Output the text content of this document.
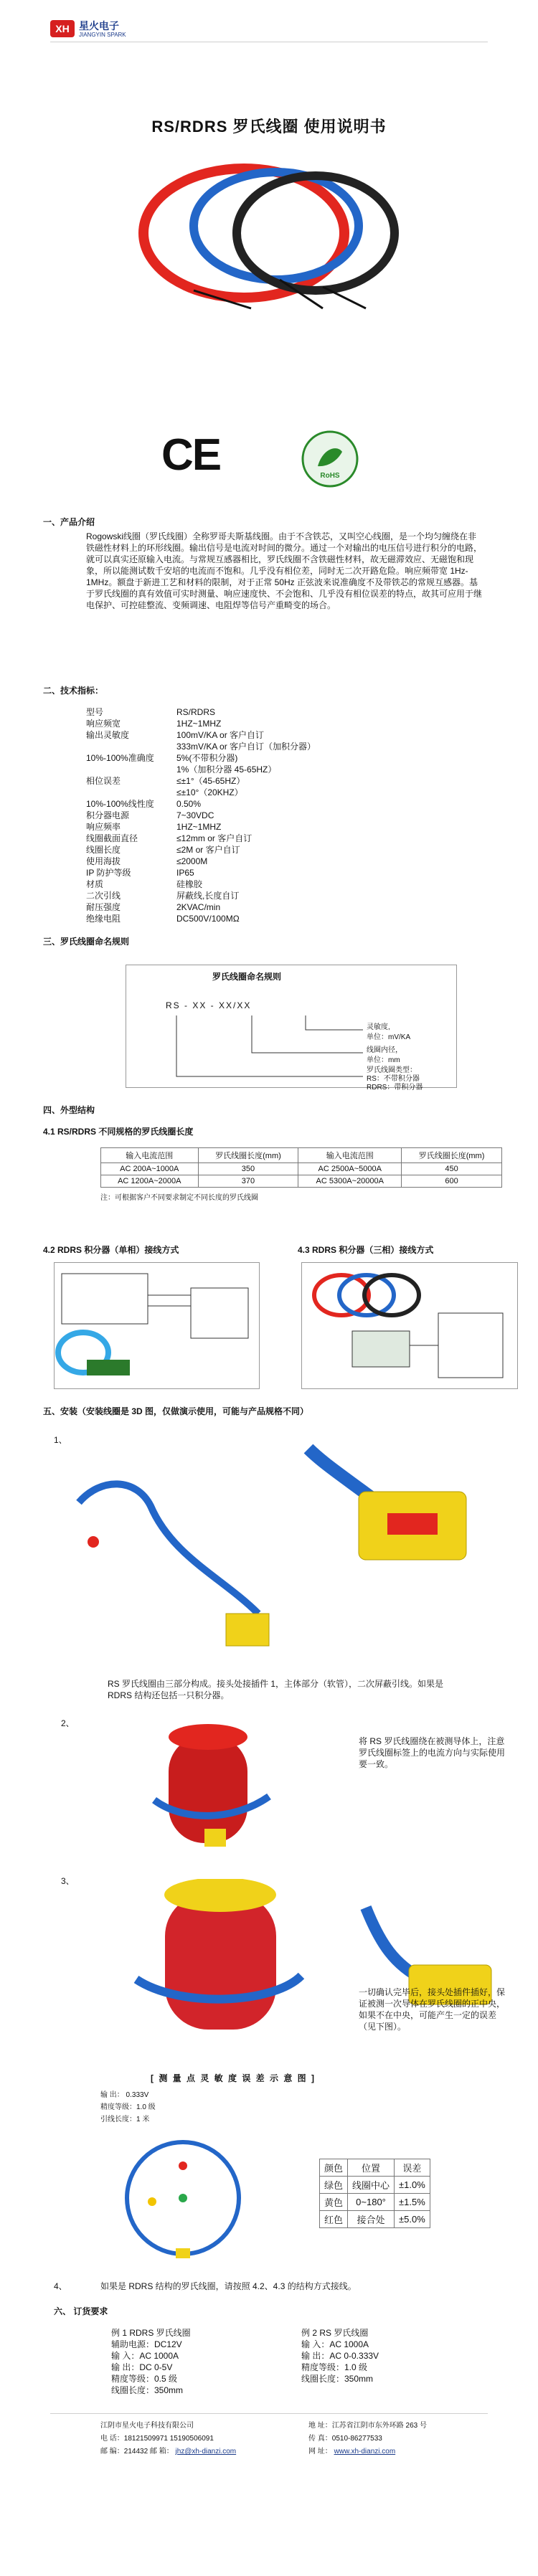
XH 星火电子
JIANGYIN SPARK
RS/RDRS 罗氏线圈 使用说明书
CE	RoHS
一、产品介绍
Rogowski线圈（罗氏线圈）全称罗哥夫斯基线圈。由于不含铁芯，又叫空心线圈，是一个均匀缠绕在非铁磁性材料上的环形线圈。输出信号是电流对时间的微分。通过一个对输出的电压信号进行积分的电路，就可以真实还原输入电流。与常规互感器相比，罗氏线圈不含铁磁性材料，故无磁滞效应、无磁饱和现象，所以能测试数千安培的电流而不饱和。几乎没有相位差，同时无二次开路危险。响应频带宽 1Hz-1MHz。额盘于新进工艺和材料的限制，对于正常 50Hz 正弦波来说准确度不及带铁芯的常规互感器。基于罗氏线圈的真有效值可实时测量、响应速度快、不会饱和、几乎没有相位误差的特点，故其可应用于继电保护、可控硅整流、变频调速、电阻焊等信号产重畸变的场合。
二、技术指标：
型号	RS/RDRS
响应频宽	1HZ~1MHZ
输出灵敏度	100mV/KA or 客户自订
333mV/KA or 客户自订（加积分器）
10%-100%准确度	5%(不带积分器)
1%（加积分器 45-65HZ）
相位误差	≤±1°（45-65HZ）
≤±10°（20KHZ）
10%-100%线性度	0.50%
积分器电源	7~30VDC
响应频率	1HZ~1MHZ
线圈截面直径	≤12mm or 客户自订
线圈长度	≤2M or 客户自订
使用海拔	≤2000M
IP 防护等级	IP65
材质	硅橡胶
二次引线	屏蔽线,长度自订
耐压强度	2KVAC/min
绝缘电阻	DC500V/100MΩ
三、罗氏线圈命名规则
罗氏线圈命名规则
RS - XX - XX/XX
灵敏度,
单位：mV/KA
线圈内径，
单位：mm
罗氏线圈类型：
RS：不带积分器
RDRS：带积分器
四、外型结构
4.1 RS/RDRS 不同规格的罗氏线圈长度
输入电流范围	罗氏线圈长度(mm)	输入电流范围	罗氏线圈长度(mm)
AC 200A~1000A	350	AC 2500A~5000A	450
AC 1200A~2000A	370	AC 5300A~20000A	600
注：可根据客户不同要求制定不同长度的罗氏线圈
4.2 RDRS 积分器（单相）接线方式	4.3 RDRS 积分器（三相）接线方式
五、安装（安装线圈是 3D 图，仅做演示使用，可能与产品规格不同）
1、
RS 罗氏线圈由三部分构成。接头处接插件 1，主体部分（软管），二次屏蔽引线。如果是 RDRS 结构还包括一只积分器。
2、
将 RS 罗氏线圈绕在被测导体上，注意罗氏线圈标签上的电流方向与实际使用要一致。
3、
一切确认完毕后，接头处插件插好，保证被测一次导体在罗氏线圈的正中央，如果不在中央，可能产生一定的误差（见下图）。
[ 测 量 点 灵 敏 度 误 差 示 意 图 ]
输 出： 0.333V
精度等级：1.0 级
引线长度：1 米
颜色	位置	误差
绿色	线圈中心	±1.0%
黄色	0~180°	±1.5%
红色	接合处	±5.0%
4、	如果是 RDRS 结构的罗氏线圈，请按照 4.2、4.3 的结构方式接线。
六、 订货要求
例 1 RDRS 罗氏线圈
辅助电源：DC12V
输 入：AC 1000A
输 出：DC 0-5V
精度等级：0.5 级
线圈长度：350mm
例 2 RS 罗氏线圈
输 入：AC 1000A
输 出：AC 0-0.333V
精度等级：1.0 级
线圈长度：350mm
江阴市星火电子科技有限公司	地 址：江苏省江阴市东外环路 263 号
电 话：18121509971 15190506091	传 真：0510-86277533
邮 编：214432 邮 箱： jhz@xh-dianzi.com	网 址： www.xh-dianzi.com
